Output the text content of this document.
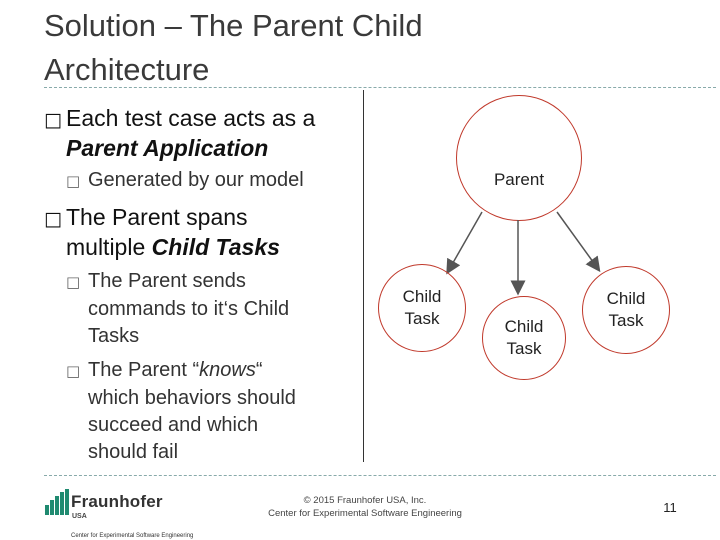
Solution – The Parent Child
Architecture
□ Each test case acts as a
Parent Application
□ Generated by our model
□ The Parent spans
multiple Child Tasks
□ The Parent sends
commands to it‘s Child
Tasks
□ The Parent “knows“
which behaviors should
succeed and which
should fail
Parent
Child
Task	Child
Task
Child
Task
Fraunhofer
USA
Center for Experimental Software Engineering
© 2015 Fraunhofer USA, Inc.
Center for Experimental Software Engineering	11
